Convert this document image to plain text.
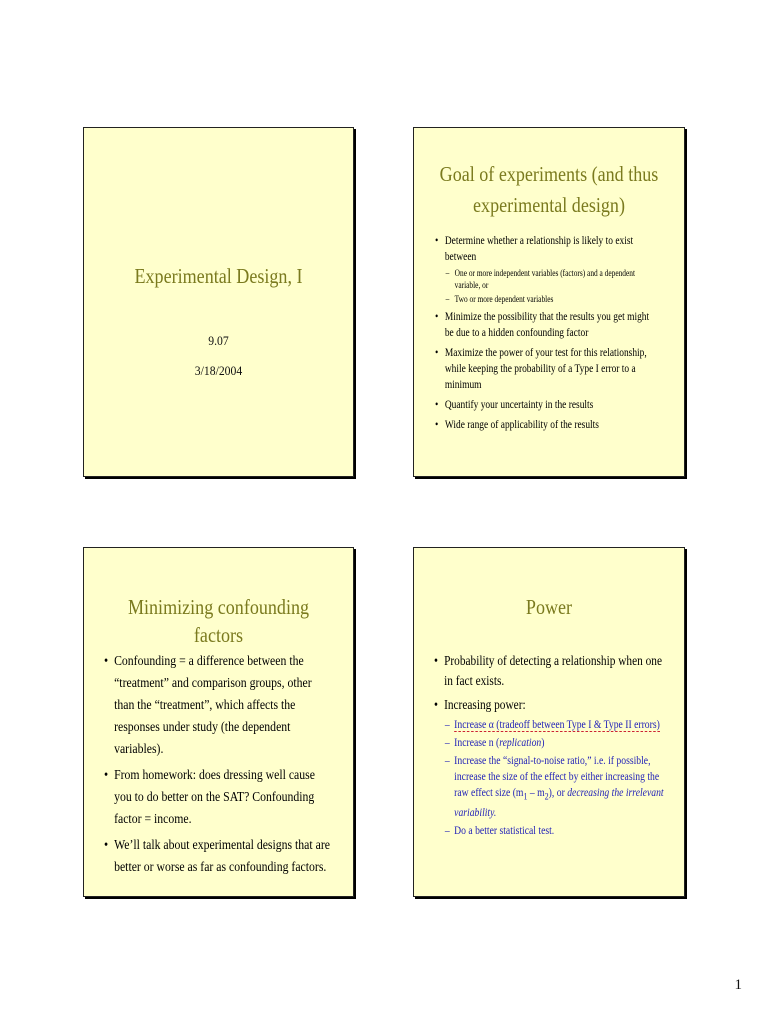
Experimental Design, I
9.07
3/18/2004
Goal of experiments (and thus
experimental design)
• Determine whether a relationship is likely to exist between
– One or more independent variables (factors) and a dependent variable, or
– Two or more dependent variables
• Minimize the possibility that the results you get might be due to a hidden confounding factor
• Maximize the power of your test for this relationship, while keeping the probability of a Type I error to a minimum
• Quantify your uncertainty in the results
• Wide range of applicability of the results
Minimizing confounding factors
• Confounding = a difference between the “treatment” and comparison groups, other than the “treatment”, which affects the responses under study (the dependent variables).
• From homework: does dressing well cause you to do better on the SAT? Confounding factor = income.
• We’ll talk about experimental designs that are better or worse as far as confounding factors.
Power
• Probability of detecting a relationship when one in fact exists.
• Increasing power:
– Increase α (tradeoff between Type I & Type II errors)
– Increase n (replication)
– Increase the “signal-to-noise ratio,” i.e. if possible, increase the size of the effect by either increasing the raw effect size $(m_1 - m_2)$, or decreasing the irrelevant variability.
– Do a better statistical test.
1
